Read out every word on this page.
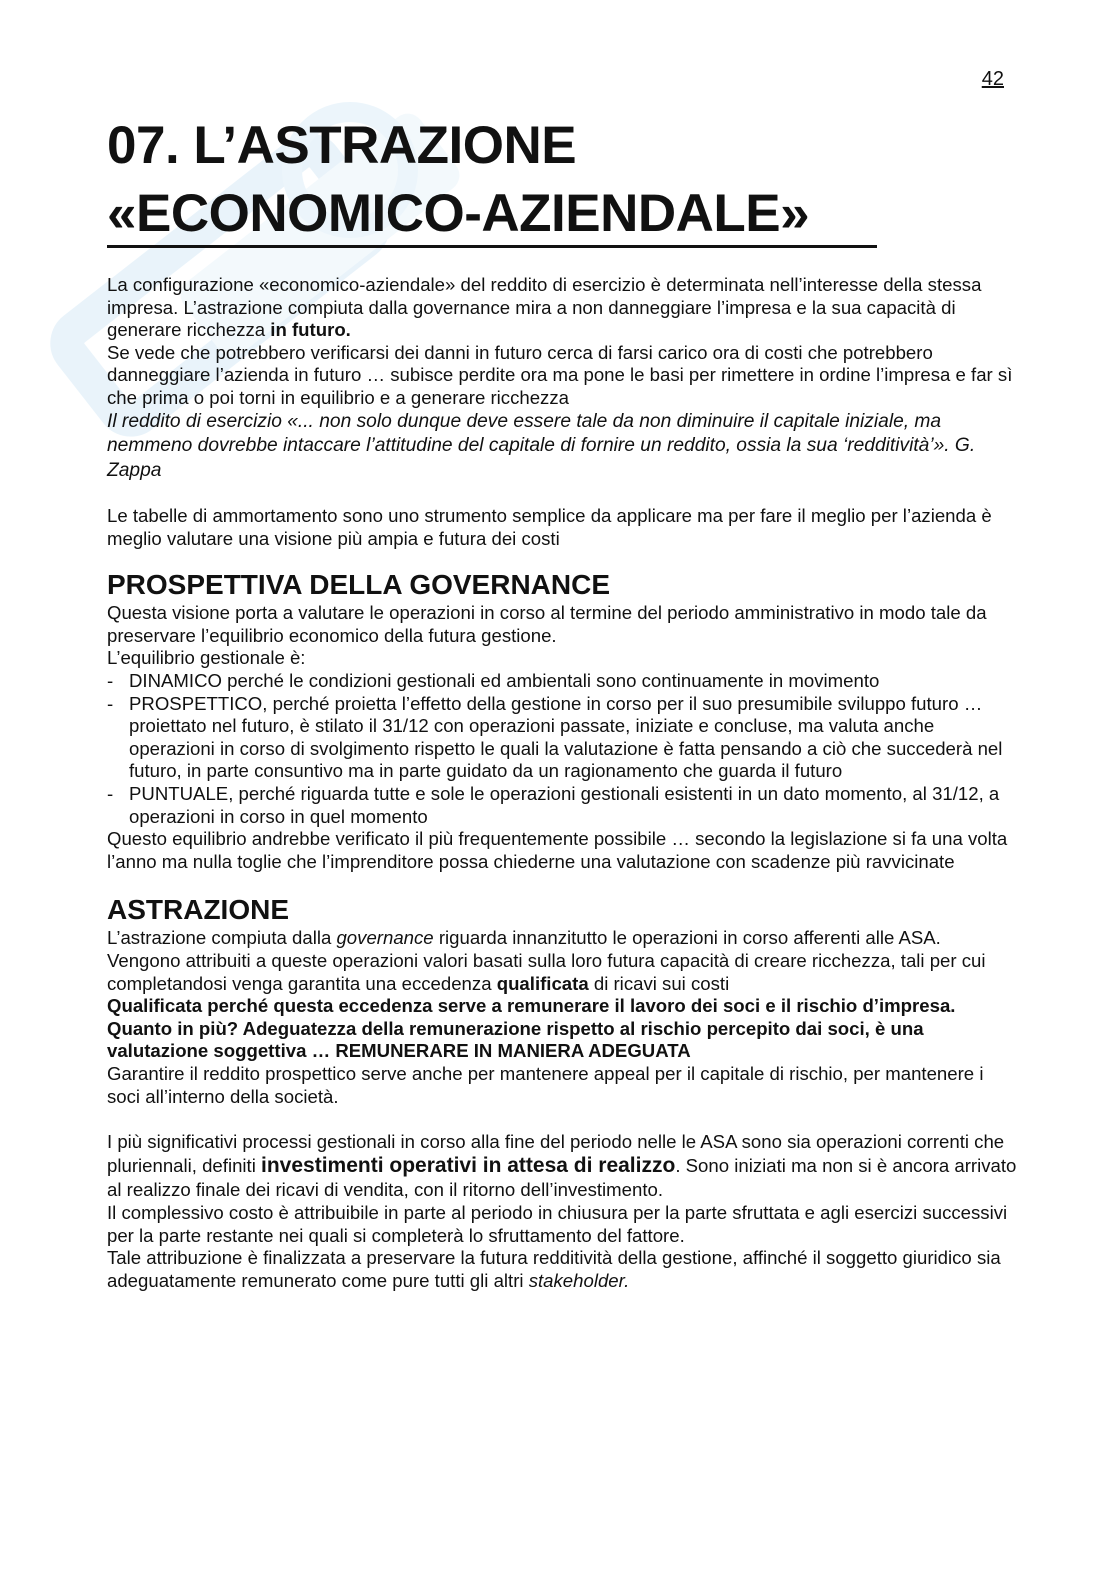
42
07. L’ASTRAZIONE
«ECONOMICO-AZIENDALE»

La configurazione «economico-aziendale» del reddito di esercizio è determinata nell’interesse della stessa impresa. L’astrazione compiuta dalla governance mira a non danneggiare l’impresa e la sua capacità di generare ricchezza in futuro.

Se vede che potrebbero verificarsi dei danni in futuro cerca di farsi carico ora di costi che potrebbero danneggiare l’azienda in futuro … subisce perdite ora ma pone le basi per rimettere in ordine l’impresa e far sì che prima o poi torni in equilibrio e a generare ricchezza

Il reddito di esercizio «... non solo dunque deve essere tale da non diminuire il capitale iniziale, ma nemmeno dovrebbe intaccare l’attitudine del capitale di fornire un reddito, ossia la sua ‘redditività’». G. Zappa

Le tabelle di ammortamento sono uno strumento semplice da applicare ma per fare il meglio per l’azienda è meglio valutare una visione più ampia e futura dei costi

PROSPETTIVA DELLA GOVERNANCE

Questa visione porta a valutare le operazioni in corso al termine del periodo amministrativo in modo tale da preservare l’equilibrio economico della futura gestione.

L’equilibrio gestionale è:

- DINAMICO perché le condizioni gestionali ed ambientali sono continuamente in movimento
- PROSPETTICO, perché proietta l’effetto della gestione in corso per il suo presumibile sviluppo futuro … proiettato nel futuro, è stilato il 31/12 con operazioni passate, iniziate e concluse, ma valuta anche operazioni in corso di svolgimento rispetto le quali la valutazione è fatta pensando a ciò che succederà nel futuro, in parte consuntivo ma in parte guidato da un ragionamento che guarda il futuro
- PUNTUALE, perché riguarda tutte e sole le operazioni gestionali esistenti in un dato momento, al 31/12, a operazioni in corso in quel momento

Questo equilibrio andrebbe verificato il più frequentemente possibile … secondo la legislazione si fa una volta l’anno ma nulla toglie che l’imprenditore possa chiederne una valutazione con scadenze più ravvicinate

ASTRAZIONE

L’astrazione compiuta dalla governance riguarda innanzitutto le operazioni in corso afferenti alle ASA. Vengono attribuiti a queste operazioni valori basati sulla loro futura capacità di creare ricchezza, tali per cui completandosi venga garantita una eccedenza qualificata di ricavi sui costi

Qualificata perché questa eccedenza serve a remunerare il lavoro dei soci e il rischio d’impresa. Quanto in più? Adeguatezza della remunerazione rispetto al rischio percepito dai soci, è una valutazione soggettiva … REMUNERARE IN MANIERA ADEGUATA

Garantire il reddito prospettico serve anche per mantenere appeal per il capitale di rischio, per mantenere i soci all’interno della società.

I più significativi processi gestionali in corso alla fine del periodo nelle le ASA sono sia operazioni correnti che pluriennali, definiti investimenti operativi in attesa di realizzo. Sono iniziati ma non si è ancora arrivato al realizzo finale dei ricavi di vendita, con il ritorno dell’investimento.

Il complessivo costo è attribuibile in parte al periodo in chiusura per la parte sfruttata e agli esercizi successivi per la parte restante nei quali si completerà lo sfruttamento del fattore.

Tale attribuzione è finalizzata a preservare la futura redditività della gestione, affinché il soggetto giuridico sia adeguatamente remunerato come pure tutti gli altri stakeholder.
